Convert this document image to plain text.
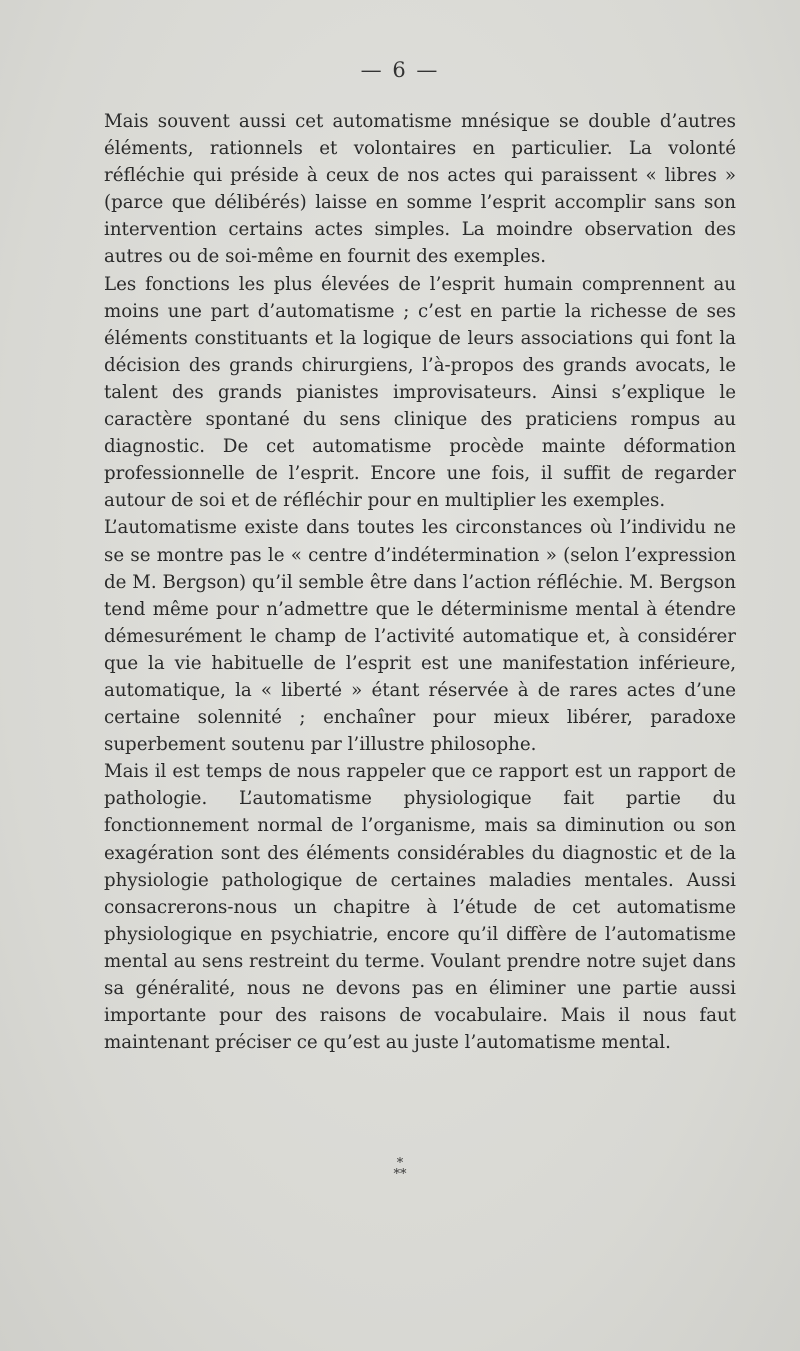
— 6 —

Mais souvent aussi cet automatisme mnésique se double d’autres éléments, rationnels et volontaires en particulier. La volonté réfléchie qui préside à ceux de nos actes qui paraissent « libres » (parce que délibérés) laisse en somme l’esprit accomplir sans son intervention certains actes simples. La moindre observation des autres ou de soi-même en fournit des exemples.

Les fonctions les plus élevées de l’esprit humain comprennent au moins une part d’automatisme ; c’est en partie la richesse de ses éléments constituants et la logique de leurs associations qui font la décision des grands chirurgiens, l’à-propos des grands avocats, le talent des grands pianistes improvisateurs. Ainsi s’explique le caractère spontané du sens clinique des praticiens rompus au diagnostic. De cet automatisme procède mainte déformation professionnelle de l’esprit. Encore une fois, il suffit de regarder autour de soi et de réfléchir pour en multiplier les exemples.

L’automatisme existe dans toutes les circonstances où l’individu ne se se montre pas le « centre d’indétermination » (selon l’expression de M. Bergson) qu’il semble être dans l’action réfléchie. M. Bergson tend même pour n’admettre que le déterminisme mental à étendre démesurément le champ de l’activité automatique et, à considérer que la vie habituelle de l’esprit est une manifestation inférieure, automatique, la « liberté » étant réservée à de rares actes d’une certaine solennité ; enchaîner pour mieux libérer, paradoxe superbement soutenu par l’illustre philosophe.

Mais il est temps de nous rappeler que ce rapport est un rapport de pathologie. L’automatisme physiologique fait partie du fonctionnement normal de l’organisme, mais sa diminution ou son exagération sont des éléments considérables du diagnostic et de la physiologie pathologique de certaines maladies mentales. Aussi consacrerons-nous un chapitre à l’étude de cet automatisme physiologique en psychiatrie, encore qu’il diffère de l’automatisme mental au sens restreint du terme. Voulant prendre notre sujet dans sa généralité, nous ne devons pas en éliminer une partie aussi importante pour des raisons de vocabulaire. Mais il nous faut maintenant préciser ce qu’est au juste l’automatisme mental.

*
**
